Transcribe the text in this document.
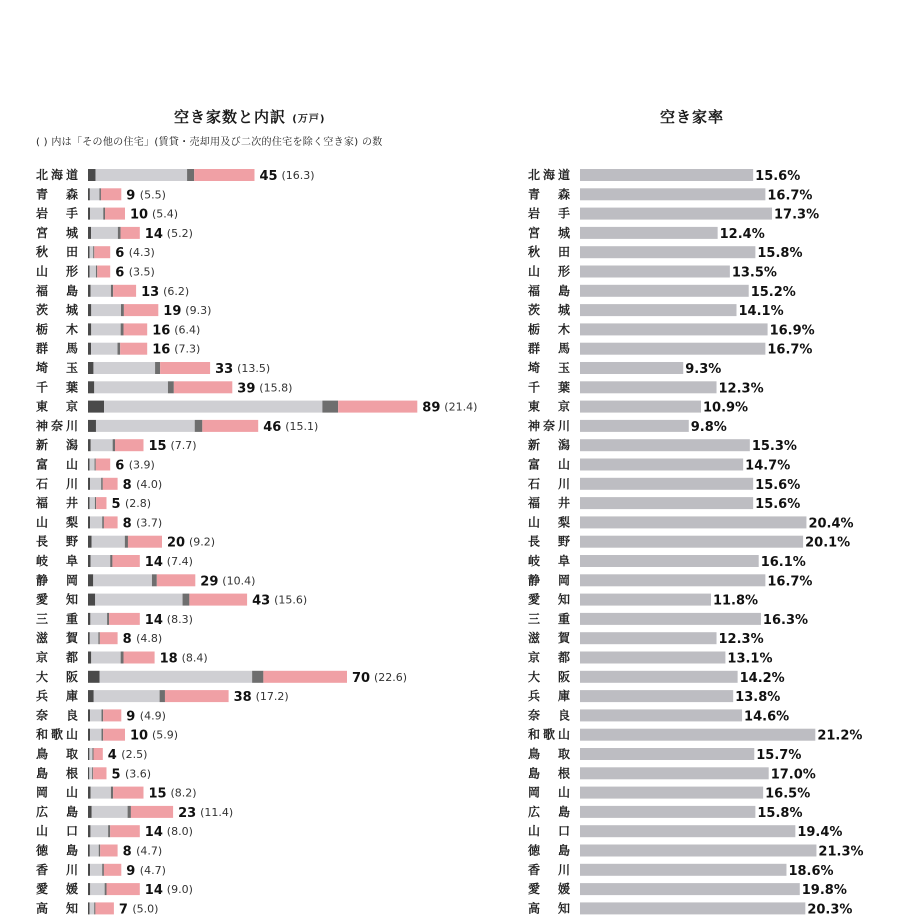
空き家数と内訳 (万戸)	空き家率
( ) 内は「その他の住宅」(賃貸・売却用及び二次的住宅を除く空き家) の数
北海道	45 (16.3)	北海道	15.6%
青　森	9 (5.5)	青　森	16.7%
岩　手	10 (5.4)	岩　手	17.3%
宮　城	14 (5.2)	宮　城	12.4%
秋　田	6 (4.3)	秋　田	15.8%
山　形	6 (3.5)	山　形	13.5%
福　島	13 (6.2)	福　島	15.2%
茨　城	19 (9.3)	茨　城	14.1%
栃　木	16 (6.4)	栃　木	16.9%
群　馬	16 (7.3)	群　馬	16.7%
埼　玉	33 (13.5)	埼　玉	9.3%
千　葉	39 (15.8)	千　葉	12.3%
東　京	89 (21.4)	東　京	10.9%
神奈川	46 (15.1)	神奈川	9.8%
新　潟	15 (7.7)	新　潟	15.3%
富　山	6 (3.9)	富　山	14.7%
石　川	8 (4.0)	石　川	15.6%
福　井 5 (2.8)	福　井	15.6%
山　梨	8 (3.7)	山　梨	20.4%
長　野	20 (9.2)	長　野	20.1%
岐　阜	14 (7.4)	岐　阜	16.1%
静　岡	29 (10.4)	静　岡	16.7%
愛　知	43 (15.6)	愛　知	11.8%
三　重	14 (8.3)	三　重	16.3%
滋　賀	8 (4.8)	滋　賀	12.3%
京　都	18 (8.4)	京　都	13.1%
大　阪	70 (22.6)	大　阪	14.2%
兵　庫	38 (17.2)	兵　庫	13.8%
奈　良	9 (4.9)	奈　良	14.6%
和歌山	10 (5.9)	和歌山	21.2%
鳥　取 4 (2.5)	鳥　取	15.7%
島　根 5 (3.6)	島　根	17.0%
岡　山	15 (8.2)	岡　山	16.5%
広　島	23 (11.4)	広　島	15.8%
山　口	14 (8.0)	山　口	19.4%
徳　島	8 (4.7)	徳　島	21.3%
香　川	9 (4.7)	香　川	18.6%
愛　媛	14 (9.0)	愛　媛	19.8%
高　知	7 (5.0)	高　知	20.3%
